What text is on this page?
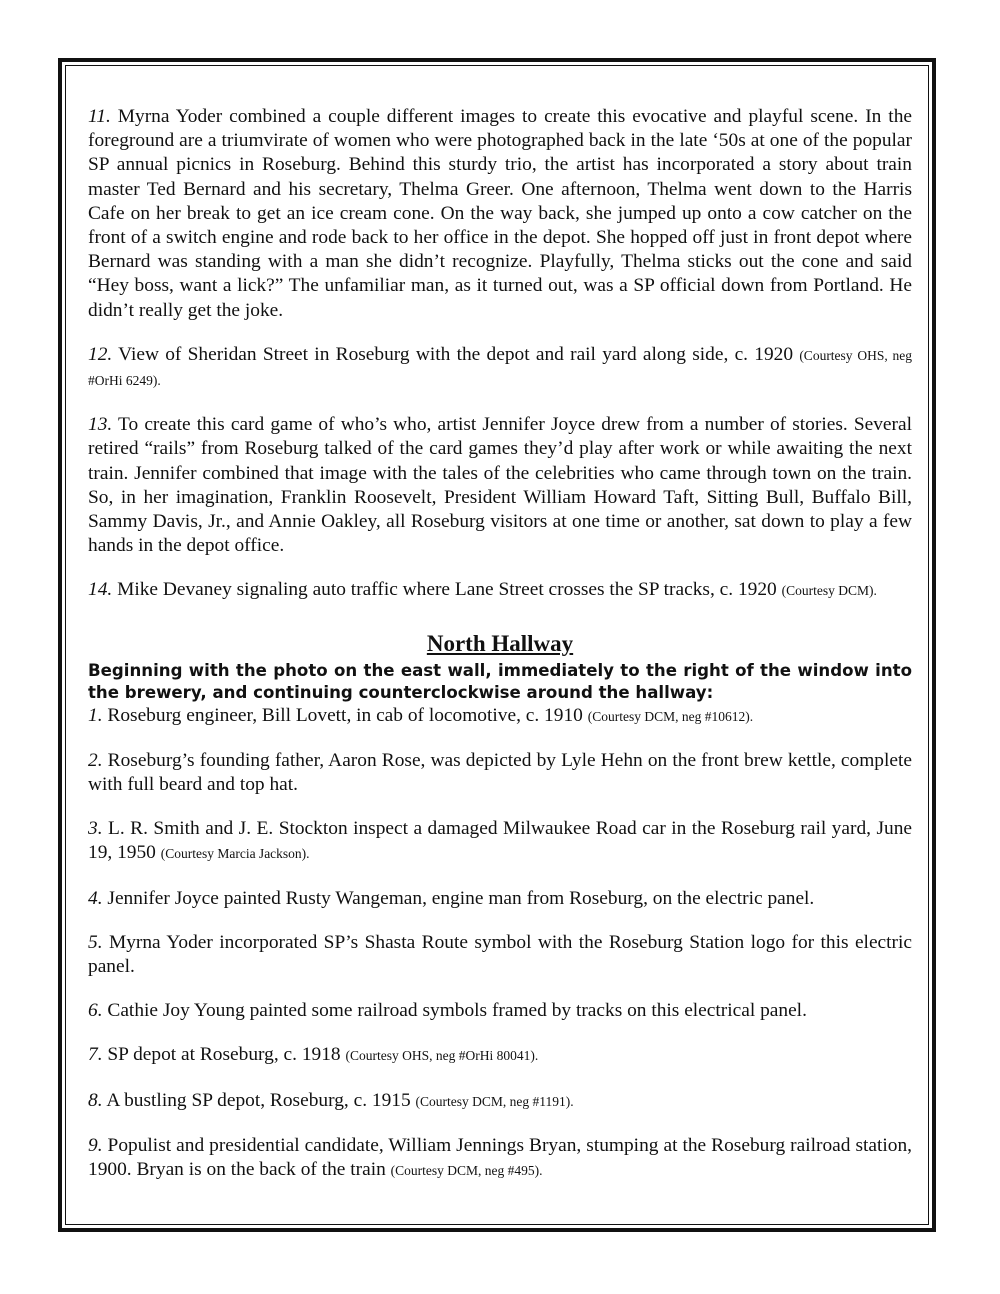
11. Myrna Yoder combined a couple different images to create this evocative and playful scene. In the foreground are a triumvirate of women who were photographed back in the late ‘50s at one of the popular SP annual picnics in Roseburg. Behind this sturdy trio, the artist has incorporated a story about train master Ted Bernard and his secretary, Thelma Greer. One afternoon, Thelma went down to the Harris Cafe on her break to get an ice cream cone. On the way back, she jumped up onto a cow catcher on the front of a switch engine and rode back to her office in the depot. She hopped off just in front depot where Bernard was standing with a man she didn’t recognize. Playfully, Thelma sticks out the cone and said “Hey boss, want a lick?” The unfamiliar man, as it turned out, was a SP official down from Portland. He didn’t really get the joke.

12. View of Sheridan Street in Roseburg with the depot and rail yard along side, c. 1920 (Courtesy OHS, neg #OrHi 6249).

13. To create this card game of who’s who, artist Jennifer Joyce drew from a number of stories. Several retired “rails” from Roseburg talked of the card games they’d play after work or while awaiting the next train. Jennifer combined that image with the tales of the celebrities who came through town on the train. So, in her imagination, Franklin Roosevelt, President William Howard Taft, Sitting Bull, Buffalo Bill, Sammy Davis, Jr., and Annie Oakley, all Roseburg visitors at one time or another, sat down to play a few hands in the depot office.

14. Mike Devaney signaling auto traffic where Lane Street crosses the SP tracks, c. 1920 (Courtesy DCM).

North Hallway

Beginning with the photo on the east wall, immediately to the right of the window into the brewery, and continuing counterclockwise around the hallway:

1. Roseburg engineer, Bill Lovett, in cab of locomotive, c. 1910 (Courtesy DCM, neg #10612).

2. Roseburg’s founding father, Aaron Rose, was depicted by Lyle Hehn on the front brew kettle, complete with full beard and top hat.

3. L. R. Smith and J. E. Stockton inspect a damaged Milwaukee Road car in the Roseburg rail yard, June 19, 1950 (Courtesy Marcia Jackson).

4. Jennifer Joyce painted Rusty Wangeman, engine man from Roseburg, on the electric panel.

5. Myrna Yoder incorporated SP’s Shasta Route symbol with the Roseburg Station logo for this electric panel.

6. Cathie Joy Young painted some railroad symbols framed by tracks on this electrical panel.

7. SP depot at Roseburg, c. 1918 (Courtesy OHS, neg #OrHi 80041).

8. A bustling SP depot, Roseburg, c. 1915 (Courtesy DCM, neg #1191).

9. Populist and presidential candidate, William Jennings Bryan, stumping at the Roseburg railroad station, 1900. Bryan is on the back of the train (Courtesy DCM, neg #495).
